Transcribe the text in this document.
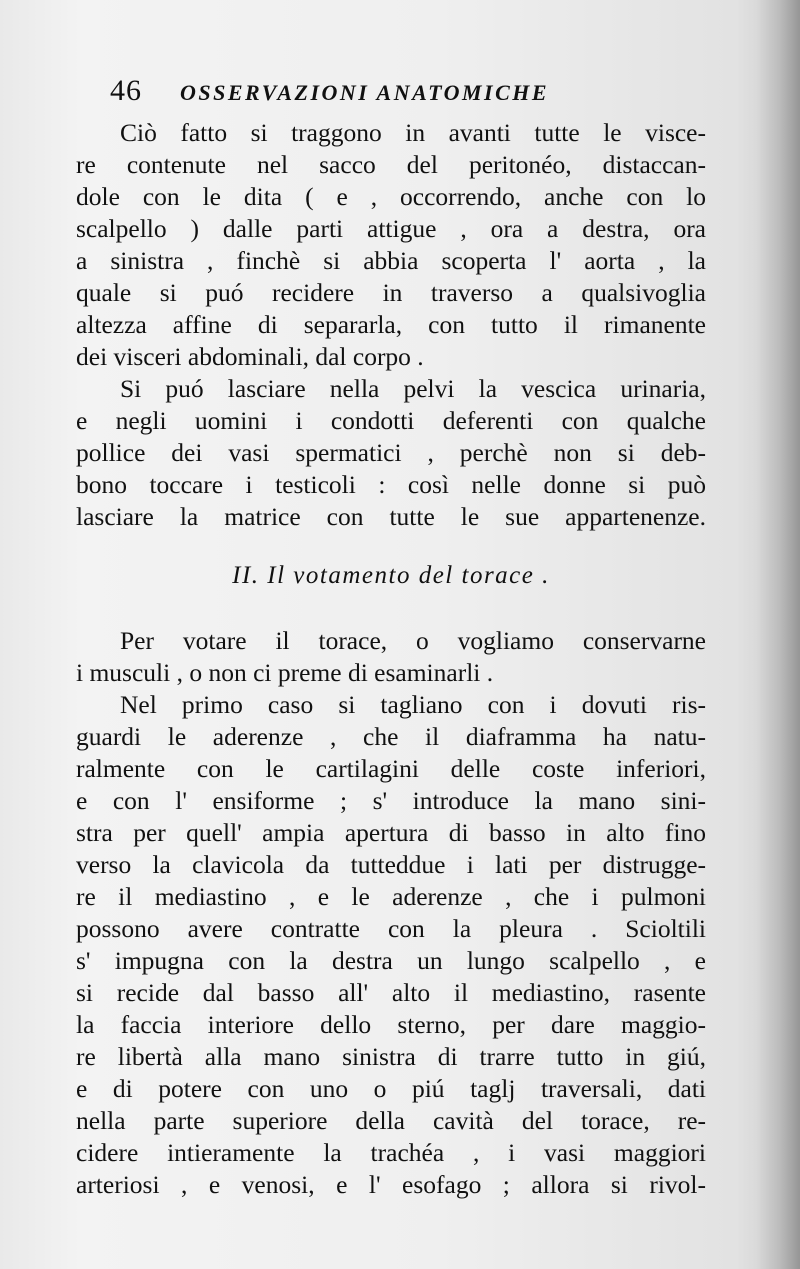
46 OSSERVAZIONI ANATOMICHE
Ciò fatto si traggono in avanti tutte le visce-
re contenute nel sacco del peritonéo, distaccan-
dole con le dita ( e , occorrendo, anche con lo
scalpello ) dalle parti attigue , ora a destra, ora
a sinistra , finchè si abbia scoperta l' aorta , la
quale si puó recidere in traverso a qualsivoglia
altezza affine di separarla, con tutto il rimanente
dei visceri abdominali, dal corpo .
Si puó lasciare nella pelvi la vescica urinaria,
e negli uomini i condotti deferenti con qualche
pollice dei vasi spermatici , perchè non si deb-
bono toccare i testicoli : così nelle donne si può
lasciare la matrice con tutte le sue appartenenze.
II. Il votamento del torace .
Per votare il torace, o vogliamo conservarne
i musculi , o non ci preme di esaminarli .
Nel primo caso si tagliano con i dovuti ris-
guardi le aderenze , che il diaframma ha natu-
ralmente con le cartilagini delle coste inferiori,
e con l' ensiforme ; s' introduce la mano sini-
stra per quell' ampia apertura di basso in alto fino
verso la clavicola da tutteddue i lati per distrugge-
re il mediastino , e le aderenze , che i pulmoni
possono avere contratte con la pleura . Scioltili
s' impugna con la destra un lungo scalpello , e
si recide dal basso all' alto il mediastino, rasente
la faccia interiore dello sterno, per dare maggio-
re libertà alla mano sinistra di trarre tutto in giú,
e di potere con uno o piú taglj traversali, dati
nella parte superiore della cavità del torace, re-
cidere intieramente la trachéa , i vasi maggiori
arteriosi , e venosi, e l' esofago ; allora si rivol-
